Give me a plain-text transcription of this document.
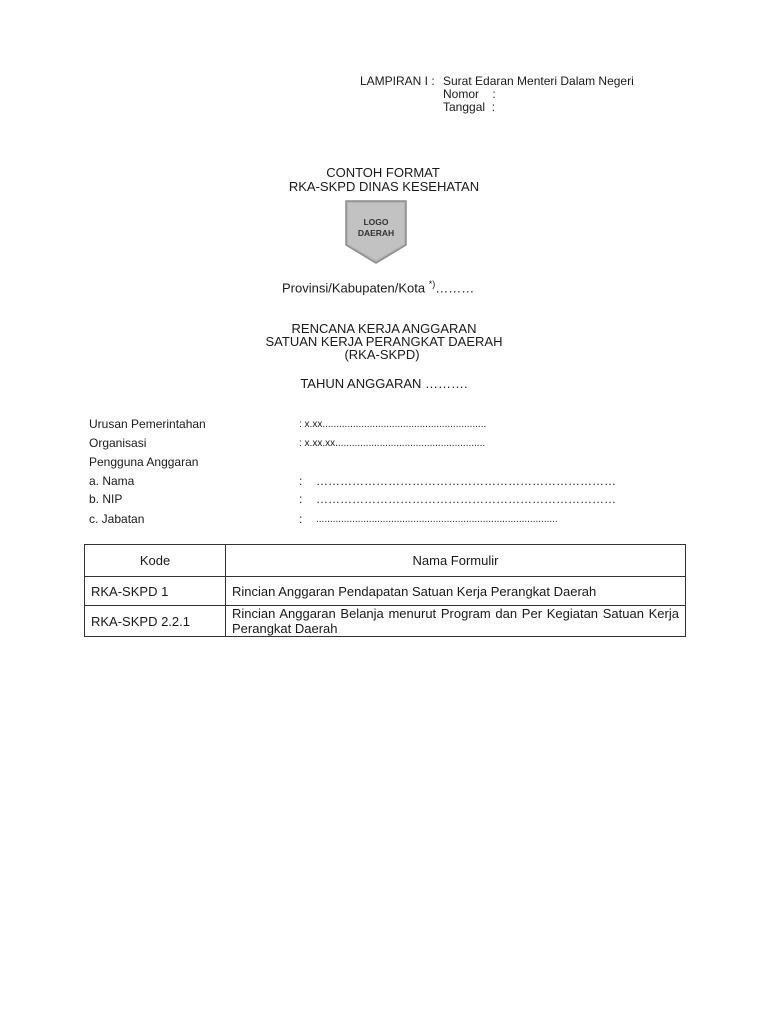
LAMPIRAN I : Surat Edaran Menteri Dalam Negeri
Nomor    :
Tanggal  :
CONTOH FORMAT
RKA-SKPD DINAS KESEHATAN
LOGO
DAERAH
Provinsi/Kabupaten/Kota *)………
RENCANA KERJA ANGGARAN
SATUAN KERJA PERANGKAT DAERAH
(RKA-SKPD)
TAHUN ANGGARAN ……….
Urusan Pemerintahan	: x.xx...........................................................
Organisasi	: x.xx.xx......................................................
Pengguna Anggaran
a. Nama	: …………………………………………………………………
b. NIP	: …………………………………………………………………
c. Jabatan	: .......................................................................................
Kode	Nama Formulir
RKA-SKPD 1	Rincian Anggaran Pendapatan Satuan Kerja Perangkat Daerah
RKA-SKPD 2.2.1	Rincian Anggaran Belanja menurut Program dan Per Kegiatan Satuan Kerja Perangkat Daerah
